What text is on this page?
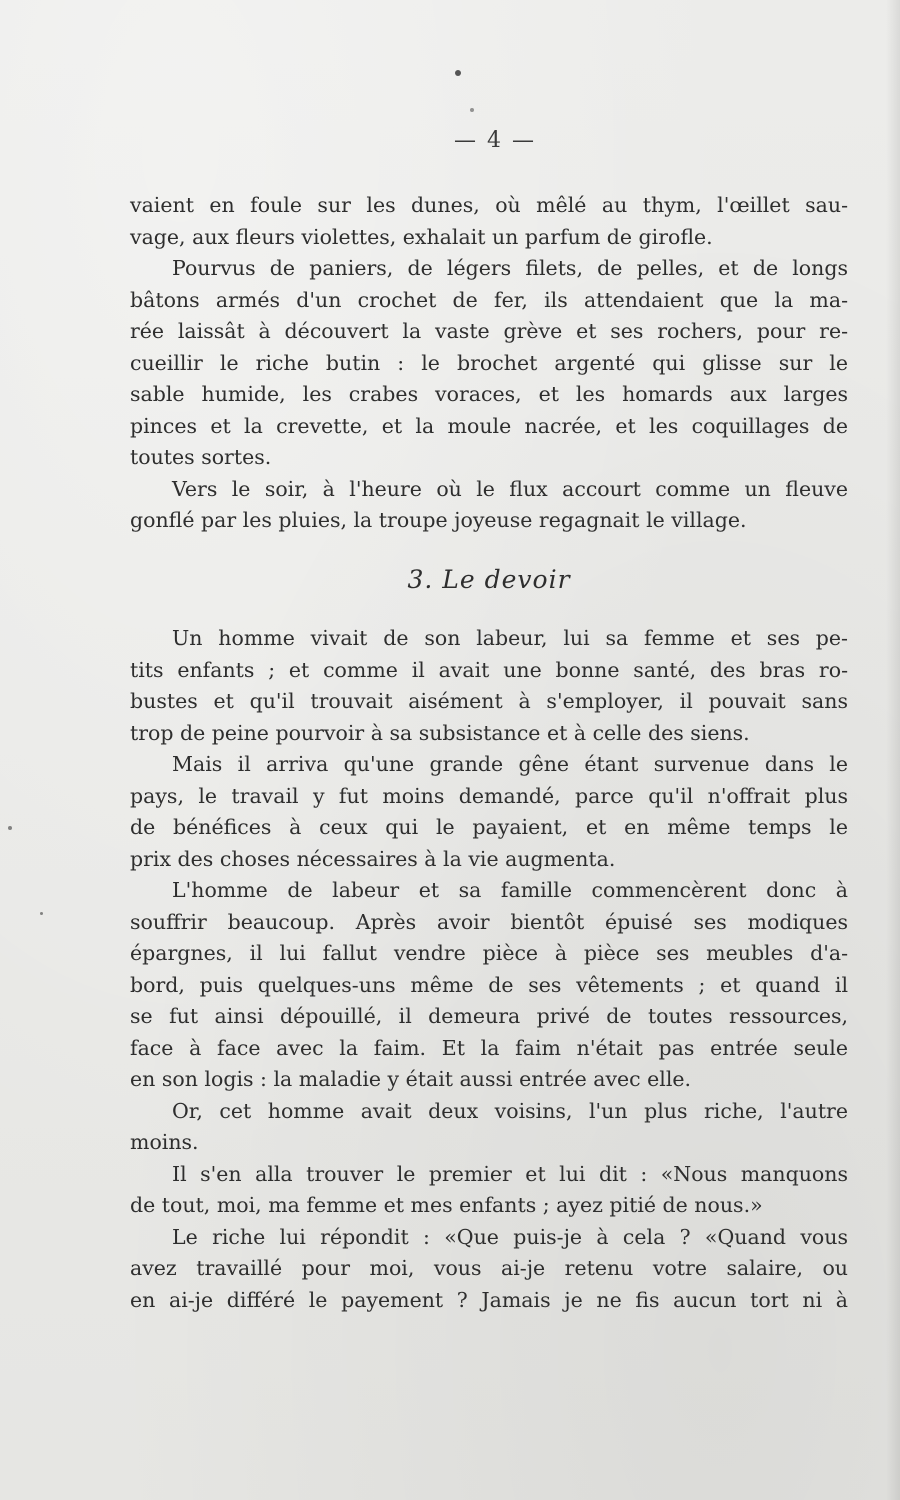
— 4 —
vaient en foule sur les dunes, où mêlé au thym, l'œillet sau-
vage, aux fleurs violettes, exhalait un parfum de girofle.
Pourvus de paniers, de légers filets, de pelles, et de longs
bâtons armés d'un crochet de fer, ils attendaient que la ma-
rée laissât à découvert la vaste grève et ses rochers, pour re-
cueillir le riche butin : le brochet argenté qui glisse sur le
sable humide, les crabes voraces, et les homards aux larges
pinces et la crevette, et la moule nacrée, et les coquillages de
toutes sortes.
Vers le soir, à l'heure où le flux accourt comme un fleuve
gonflé par les pluies, la troupe joyeuse regagnait le village.
3. Le devoir
Un homme vivait de son labeur, lui sa femme et ses pe-
tits enfants ; et comme il avait une bonne santé, des bras ro-
bustes et qu'il trouvait aisément à s'employer, il pouvait sans
trop de peine pourvoir à sa subsistance et à celle des siens.
Mais il arriva qu'une grande gêne étant survenue dans le
pays, le travail y fut moins demandé, parce qu'il n'offrait plus
de bénéfices à ceux qui le payaient, et en même temps le
prix des choses nécessaires à la vie augmenta.
L'homme de labeur et sa famille commencèrent donc à
souffrir beaucoup. Après avoir bientôt épuisé ses modiques
épargnes, il lui fallut vendre pièce à pièce ses meubles d'a-
bord, puis quelques-uns même de ses vêtements ; et quand il
se fut ainsi dépouillé, il demeura privé de toutes ressources,
face à face avec la faim. Et la faim n'était pas entrée seule
en son logis : la maladie y était aussi entrée avec elle.
Or, cet homme avait deux voisins, l'un plus riche, l'autre
moins.
Il s'en alla trouver le premier et lui dit : «Nous manquons
de tout, moi, ma femme et mes enfants ; ayez pitié de nous.»
Le riche lui répondit : «Que puis-je à cela ? «Quand vous
avez travaillé pour moi, vous ai-je retenu votre salaire, ou
en ai-je différé le payement ? Jamais je ne fis aucun tort ni à
